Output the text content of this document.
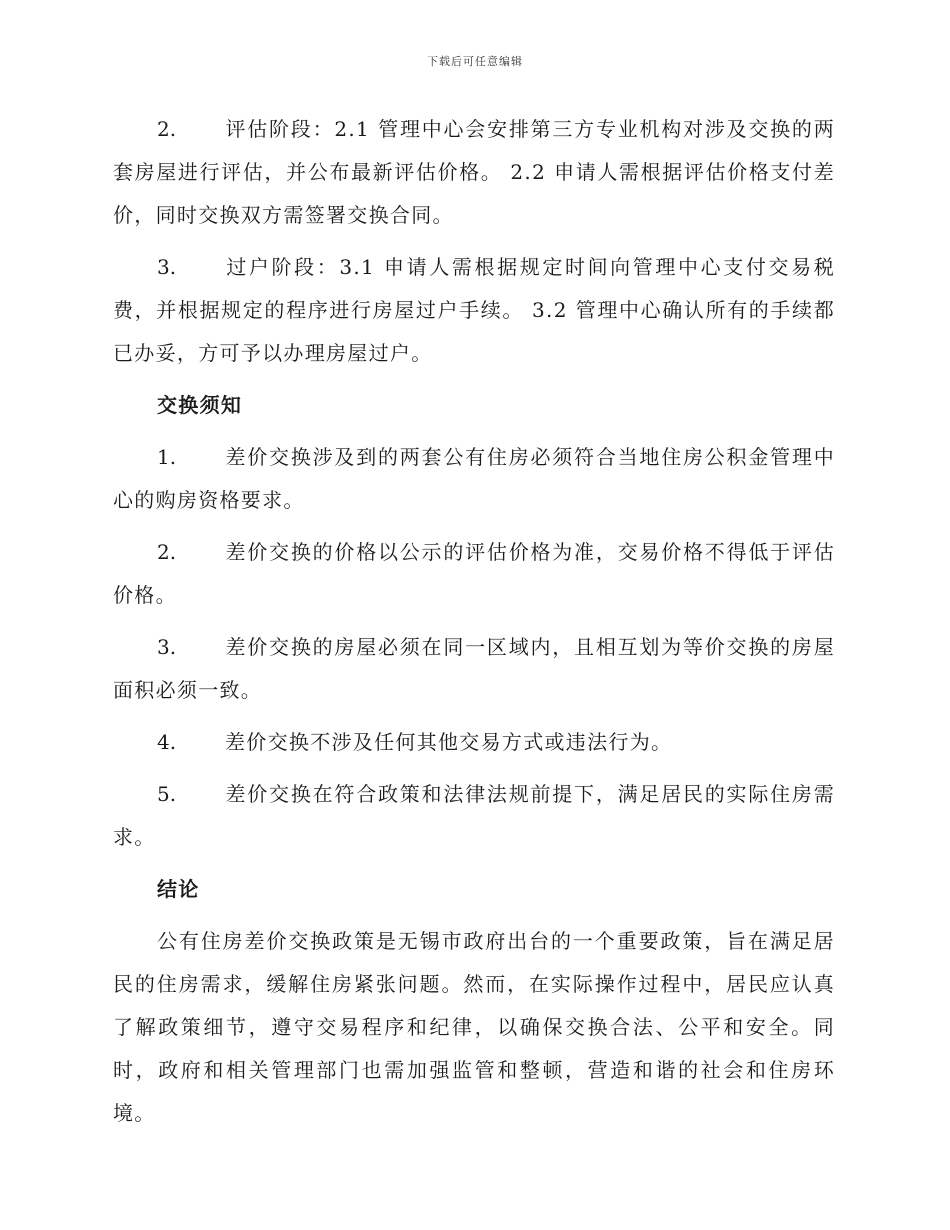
下载后可任意编辑

2. 评估阶段：2.1 管理中心会安排第三方专业机构对涉及交换的两套房屋进行评估，并公布最新评估价格。 2.2 申请人需根据评估价格支付差价，同时交换双方需签署交换合同。

3. 过户阶段：3.1 申请人需根据规定时间向管理中心支付交易税费，并根据规定的程序进行房屋过户手续。 3.2 管理中心确认所有的手续都已办妥，方可予以办理房屋过户。

交换须知

1. 差价交换涉及到的两套公有住房必须符合当地住房公积金管理中心的购房资格要求。

2. 差价交换的价格以公示的评估价格为准，交易价格不得低于评估价格。

3. 差价交换的房屋必须在同一区域内，且相互划为等价交换的房屋面积必须一致。

4. 差价交换不涉及任何其他交易方式或违法行为。

5. 差价交换在符合政策和法律法规前提下，满足居民的实际住房需求。

结论

公有住房差价交换政策是无锡市政府出台的一个重要政策，旨在满足居民的住房需求，缓解住房紧张问题。然而，在实际操作过程中，居民应认真了解政策细节，遵守交易程序和纪律，以确保交换合法、公平和安全。同时，政府和相关管理部门也需加强监管和整顿，营造和谐的社会和住房环境。
